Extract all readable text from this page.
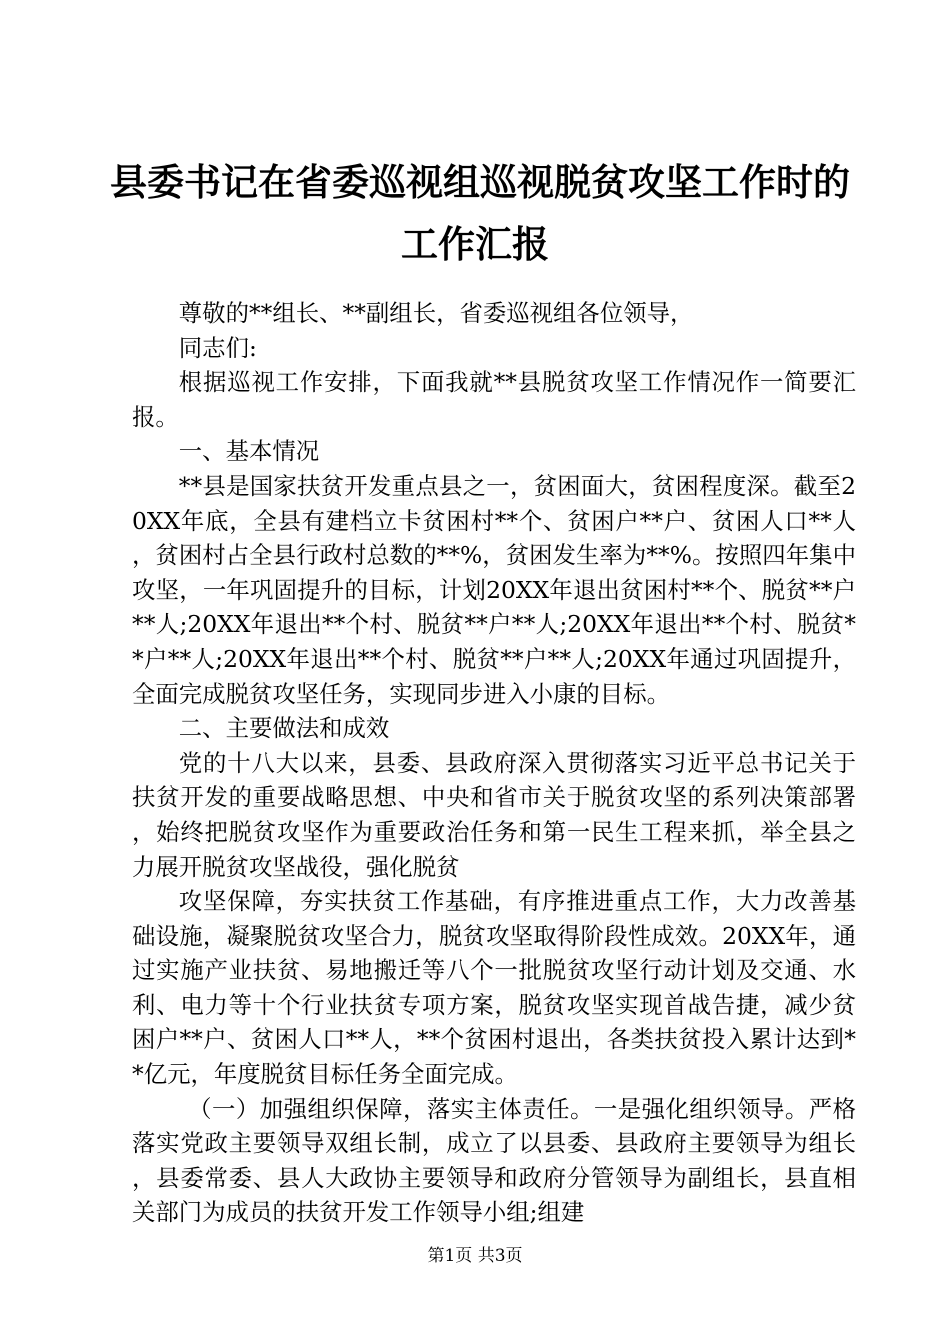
县委书记在省委巡视组巡视脱贫攻坚工作时的
工作汇报

尊敬的**组长、**副组长，省委巡视组各位领导，

同志们:

根据巡视工作安排，下面我就**县脱贫攻坚工作情况作一简要汇报。

一、基本情况

**县是国家扶贫开发重点县之一，贫困面大，贫困程度深。截至20XX年底，全县有建档立卡贫困村**个、贫困户**户、贫困人口**人，贫困村占全县行政村总数的**%，贫困发生率为**%。按照四年集中攻坚，一年巩固提升的目标，计划20XX年退出贫困村**个、脱贫**户**人;20XX年退出**个村、脱贫**户**人;20XX年退出**个村、脱贫**户**人;20XX年退出**个村、脱贫**户**人;20XX年通过巩固提升，全面完成脱贫攻坚任务，实现同步进入小康的目标。

二、主要做法和成效

党的十八大以来，县委、县政府深入贯彻落实习近平总书记关于扶贫开发的重要战略思想、中央和省市关于脱贫攻坚的系列决策部署，始终把脱贫攻坚作为重要政治任务和第一民生工程来抓，举全县之力展开脱贫攻坚战役，强化脱贫

攻坚保障，夯实扶贫工作基础，有序推进重点工作，大力改善基础设施，凝聚脱贫攻坚合力，脱贫攻坚取得阶段性成效。20XX年，通过实施产业扶贫、易地搬迁等八个一批脱贫攻坚行动计划及交通、水利、电力等十个行业扶贫专项方案，脱贫攻坚实现首战告捷，减少贫困户**户、贫困人口**人，**个贫困村退出，各类扶贫投入累计达到**亿元，年度脱贫目标任务全面完成。

（一）加强组织保障，落实主体责任。一是强化组织领导。严格落实党政主要领导双组长制，成立了以县委、县政府主要领导为组长，县委常委、县人大政协主要领导和政府分管领导为副组长，县直相关部门为成员的扶贫开发工作领导小组;组建

第1页 共3页
